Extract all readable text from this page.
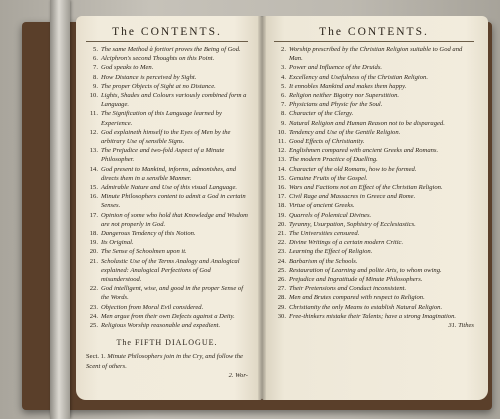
The CONTENTS.
5. The same Method à fortiori proves the Being of God.
6. Alciphron's second Thoughts on this Point.
7. God speaks to Men.
8. How Distance is perceived by Sight.
9. The proper Objects of Sight at no Distance.
10. Lights, Shades and Colours variously combined form a Language.
11. The Signification of this Language learned by Experience.
12. God explaineth himself to the Eyes of Men by the arbitrary Use of sensible Signs.
13. The Prejudice and two-fold Aspect of a Minute Philosopher.
14. God present to Mankind, informs, admonishes, and directs them in a sensible Manner.
15. Admirable Nature and Use of this visual Language.
16. Minute Philosophers content to admit a God in certain Senses.
17. Opinion of some who hold that Knowledge and Wisdom are not properly in God.
18. Dangerous Tendency of this Notion.
19. Its Original.
20. The Sense of Schoolmen upon it.
21. Scholastic Use of the Terms Analogy and Analogical explained: Analogical Perfections of God misunderstood.
22. God intelligent, wise, and good in the proper Sense of the Words.
23. Objection from Moral Evil considered.
24. Men argue from their own Defects against a Deity.
25. Religious Worship reasonable and expedient.
The FIFTH DIALOGUE.
Sect. 1. Minute Philosophers join in the Cry, and follow the Scent of others.
2. Wor-
The CONTENTS.
2. Worship prescribed by the Christian Religion suitable to God and Man.
3. Power and Influence of the Druids.
4. Excellency and Usefulness of the Christian Religion.
5. It ennobles Mankind and makes them happy.
6. Religion neither Bigotry nor Superstition.
7. Physicians and Physic for the Soul.
8. Character of the Clergy.
9. Natural Religion and Human Reason not to be disparaged.
10. Tendency and Use of the Gentile Religion.
11. Good Effects of Christianity.
12. Englishmen compared with ancient Greeks and Romans.
13. The modern Practice of Duelling.
14. Character of the old Romans, how to be formed.
15. Genuine Fruits of the Gospel.
16. Wars and Factions not an Effect of the Christian Religion.
17. Civil Rage and Massacres in Greece and Rome.
18. Virtue of ancient Greeks.
19. Quarrels of Polemical Divines.
20. Tyranny, Usurpation, Sophistry of Ecclesiastics.
21. The Universities censured.
22. Divine Writings of a certain modern Critic.
23. Learning the Effect of Religion.
24. Barbarism of the Schools.
25. Restauration of Learning and polite Arts, to whom owing.
26. Prejudice and Ingratitude of Minute Philosophers.
27. Their Pretensions and Conduct inconsistent.
28. Men and Brutes compared with respect to Religion.
29. Christianity the only Means to establish Natural Religion.
30. Free-thinkers mistake their Talents; have a strong Imagination.
31. Tithes
